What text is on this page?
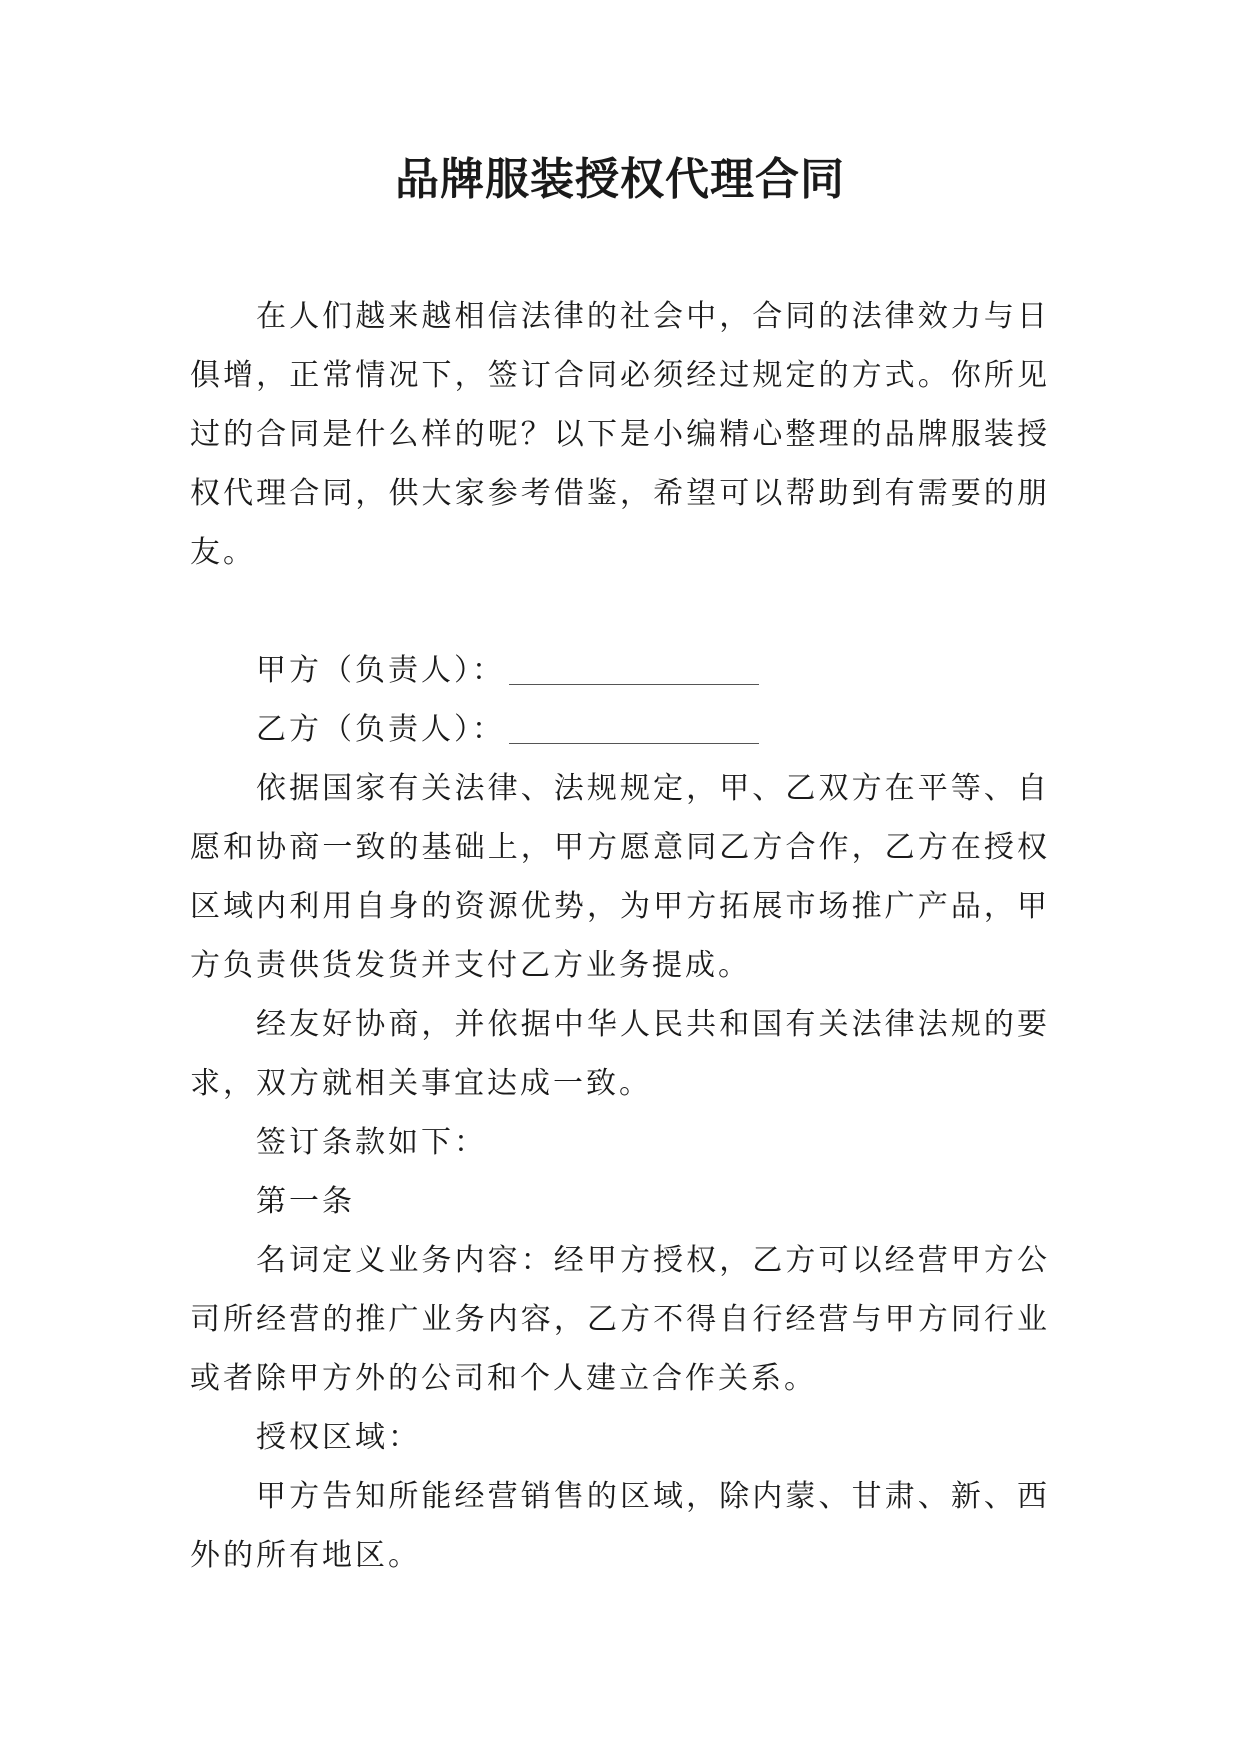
品牌服装授权代理合同

在人们越来越相信法律的社会中，合同的法律效力与日俱增，正常情况下，签订合同必须经过规定的方式。你所见过的合同是什么样的呢？以下是小编精心整理的品牌服装授权代理合同，供大家参考借鉴，希望可以帮助到有需要的朋友。

甲方（负责人）：

乙方（负责人）：

依据国家有关法律、法规规定，甲、乙双方在平等、自愿和协商一致的基础上，甲方愿意同乙方合作，乙方在授权区域内利用自身的资源优势，为甲方拓展市场推广产品，甲方负责供货发货并支付乙方业务提成。

经友好协商，并依据中华人民共和国有关法律法规的要求，双方就相关事宜达成一致。

签订条款如下：

第一条

名词定义业务内容：经甲方授权，乙方可以经营甲方公司所经营的推广业务内容，乙方不得自行经营与甲方同行业或者除甲方外的公司和个人建立合作关系。

授权区域：

甲方告知所能经营销售的区域，除内蒙、甘肃、新、西外的所有地区。
